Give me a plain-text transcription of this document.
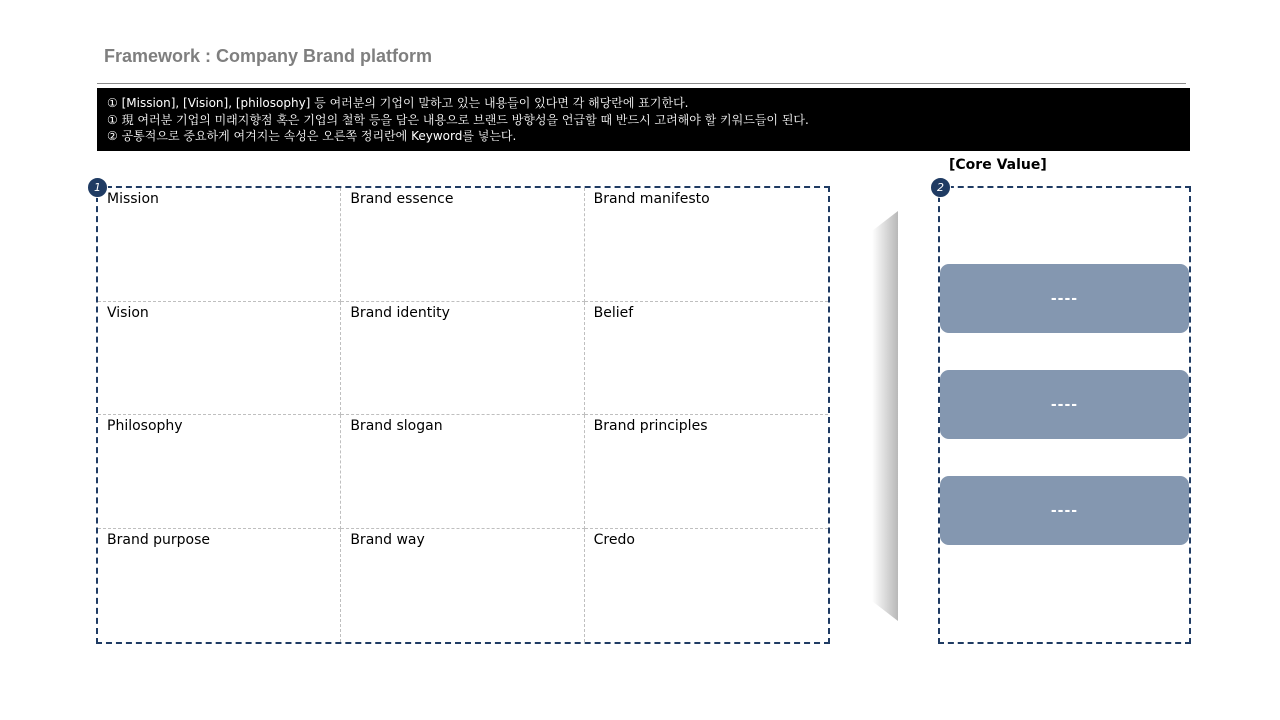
Framework : Company Brand platform
① [Mission], [Vision], [philosophy] 등 여러분의 기업이 말하고 있는 내용들이 있다면 각 해당란에 표기한다.
① 現 여러분 기업의 미래지향점 혹은 기업의 철학 등을 담은 내용으로 브랜드 방향성을 언급할 때 반드시 고려해야 할 키워드들이 된다.
② 공통적으로 중요하게 여겨지는 속성은 오른쪽 정리란에 Keyword를 넣는다.
Mission	Brand essence	Brand manifesto
Vision	Brand identity	Belief
Philosophy	Brand slogan	Brand principles
Brand purpose	Brand way	Credo
1
[Core Value]
2
----
----
----
